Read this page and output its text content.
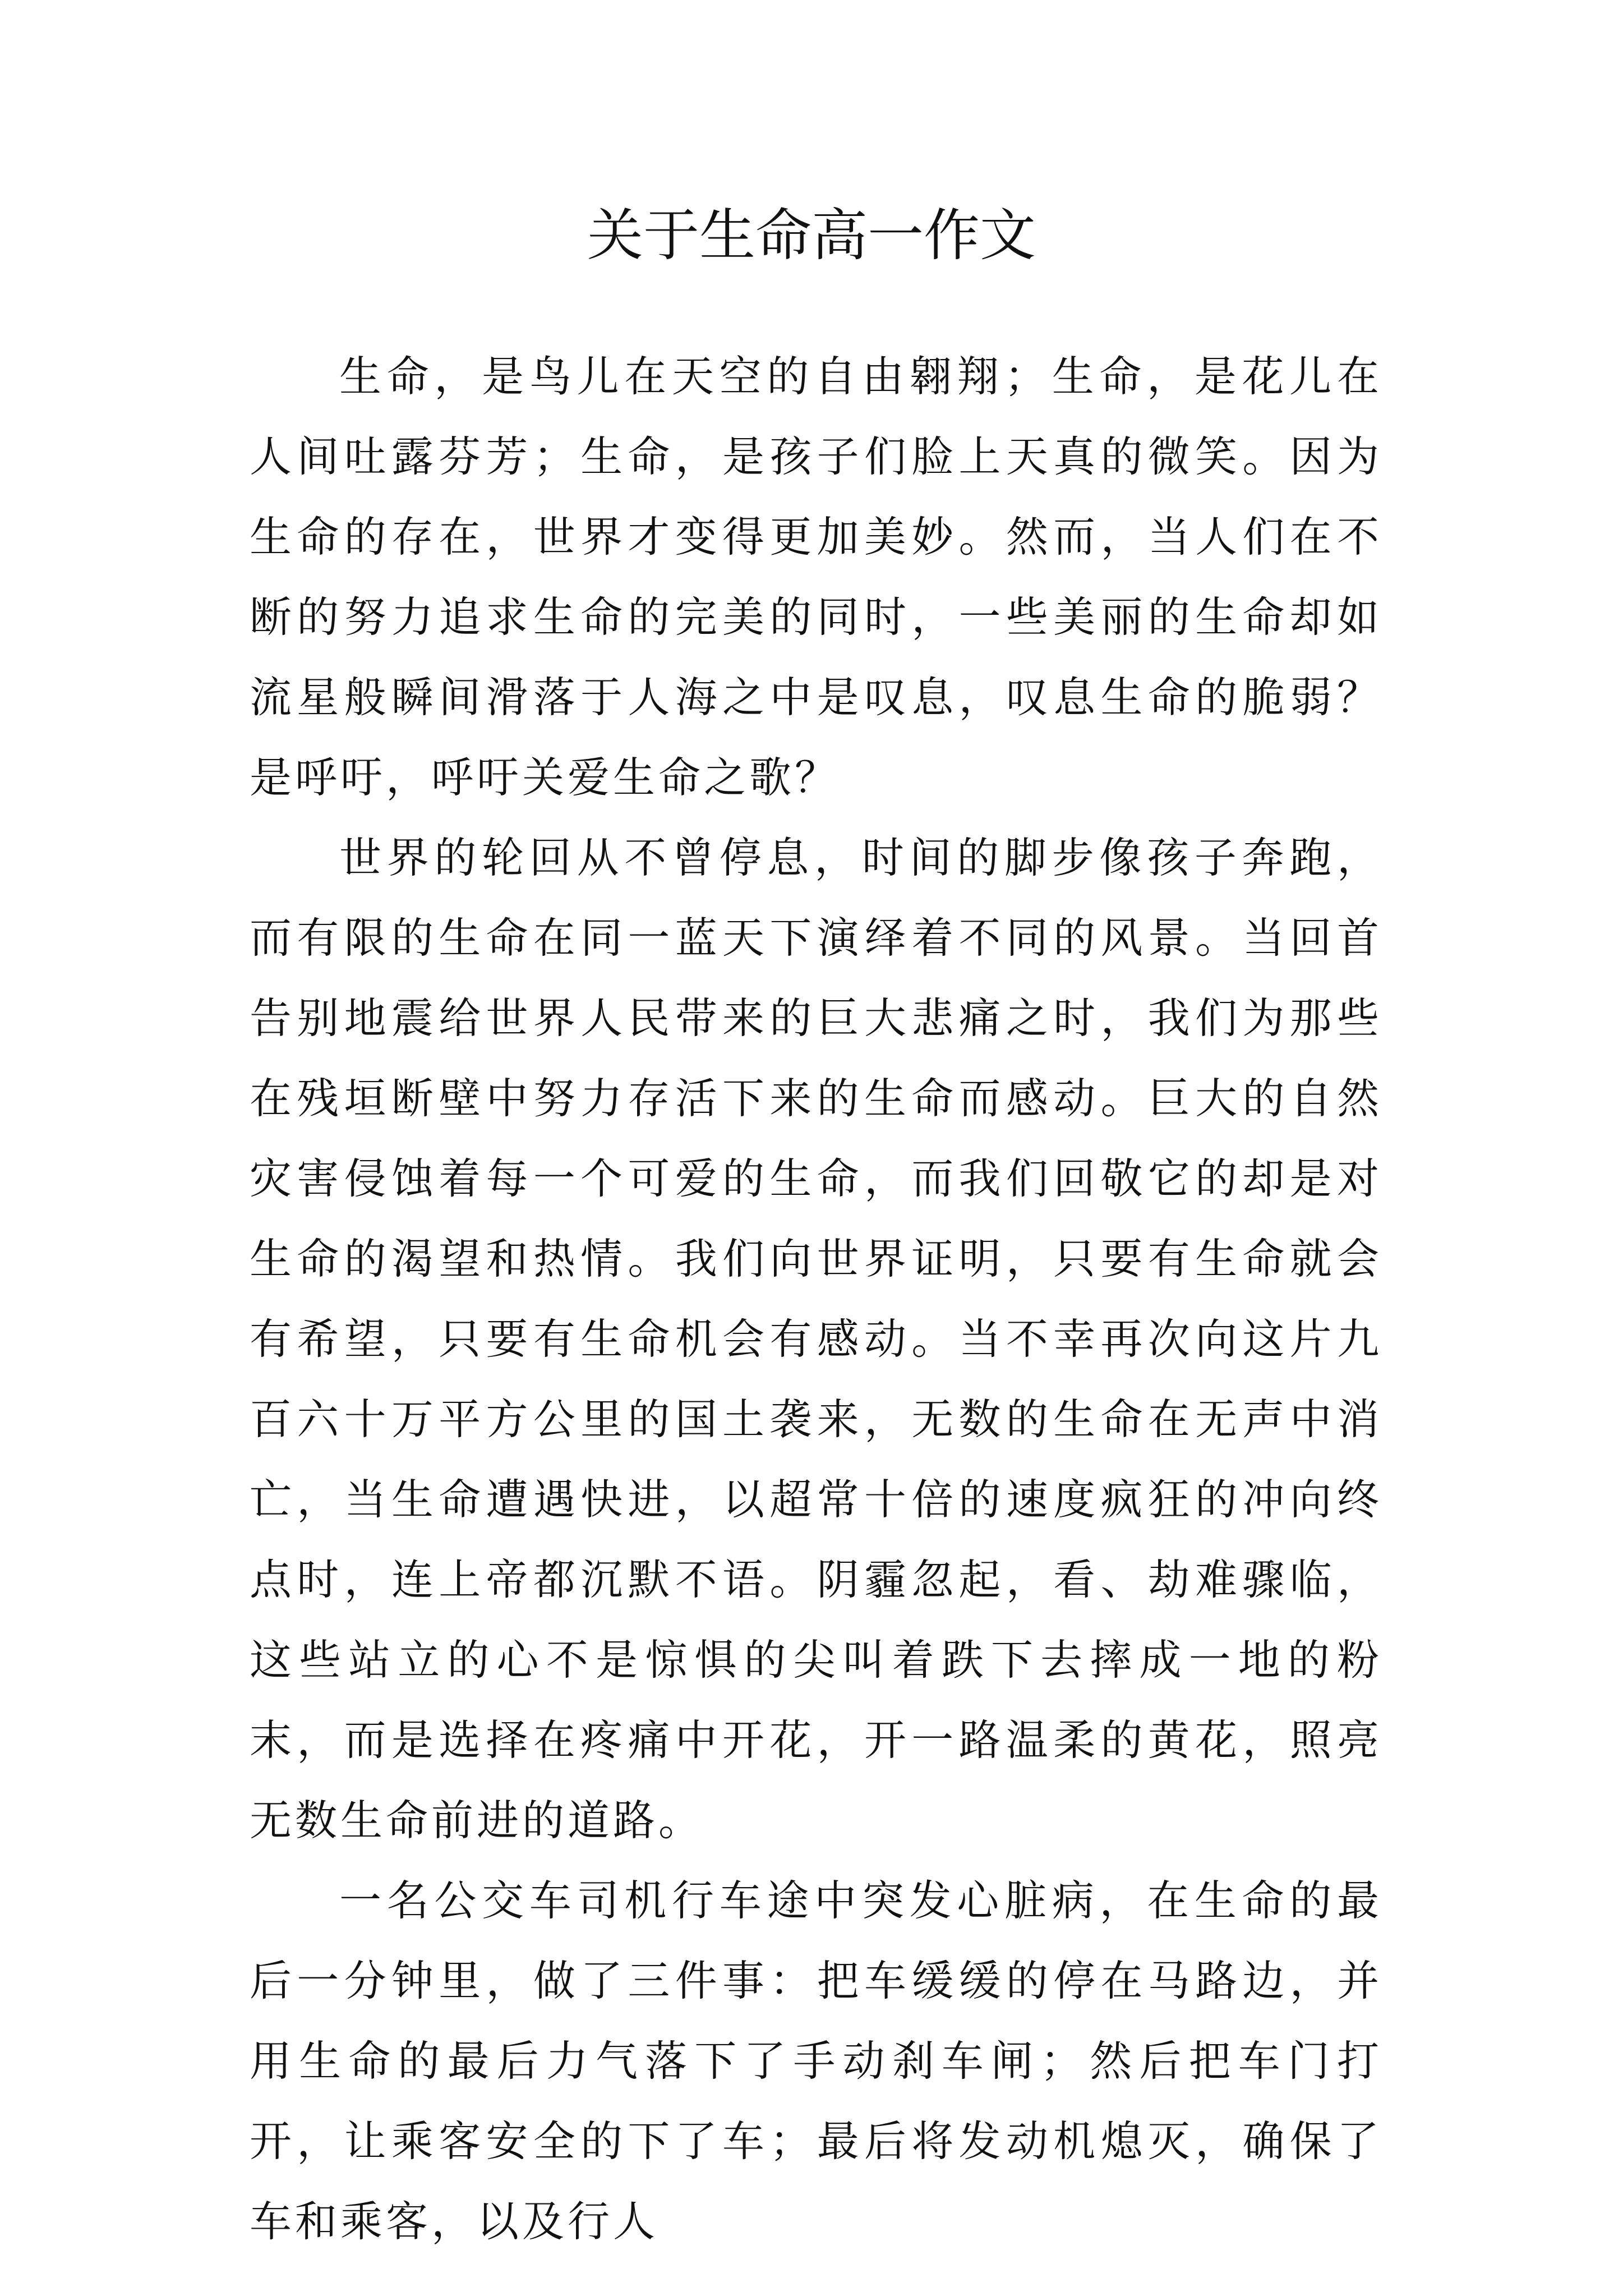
关于生命高一作文

生命，是鸟儿在天空的自由翱翔；生命，是花儿在人间吐露芬芳；生命，是孩子们脸上天真的微笑。因为生命的存在，世界才变得更加美妙。然而，当人们在不断的努力追求生命的完美的同时，一些美丽的生命却如流星般瞬间滑落于人海之中是叹息，叹息生命的脆弱？是呼吁，呼吁关爱生命之歌？

世界的轮回从不曾停息，时间的脚步像孩子奔跑，而有限的生命在同一蓝天下演绎着不同的风景。当回首告别地震给世界人民带来的巨大悲痛之时，我们为那些在残垣断壁中努力存活下来的生命而感动。巨大的自然灾害侵蚀着每一个可爱的生命，而我们回敬它的却是对生命的渴望和热情。我们向世界证明，只要有生命就会有希望，只要有生命机会有感动。当不幸再次向这片九百六十万平方公里的国土袭来，无数的生命在无声中消亡，当生命遭遇快进，以超常十倍的速度疯狂的冲向终点时，连上帝都沉默不语。阴霾忽起，看、劫难骤临，这些站立的心不是惊惧的尖叫着跌下去摔成一地的粉末，而是选择在疼痛中开花，开一路温柔的黄花，照亮无数生命前进的道路。

一名公交车司机行车途中突发心脏病，在生命的最后一分钟里，做了三件事：把车缓缓的停在马路边，并用生命的最后力气落下了手动刹车闸；然后把车门打开，让乘客安全的下了车；最后将发动机熄灭，确保了车和乘客，以及行人
